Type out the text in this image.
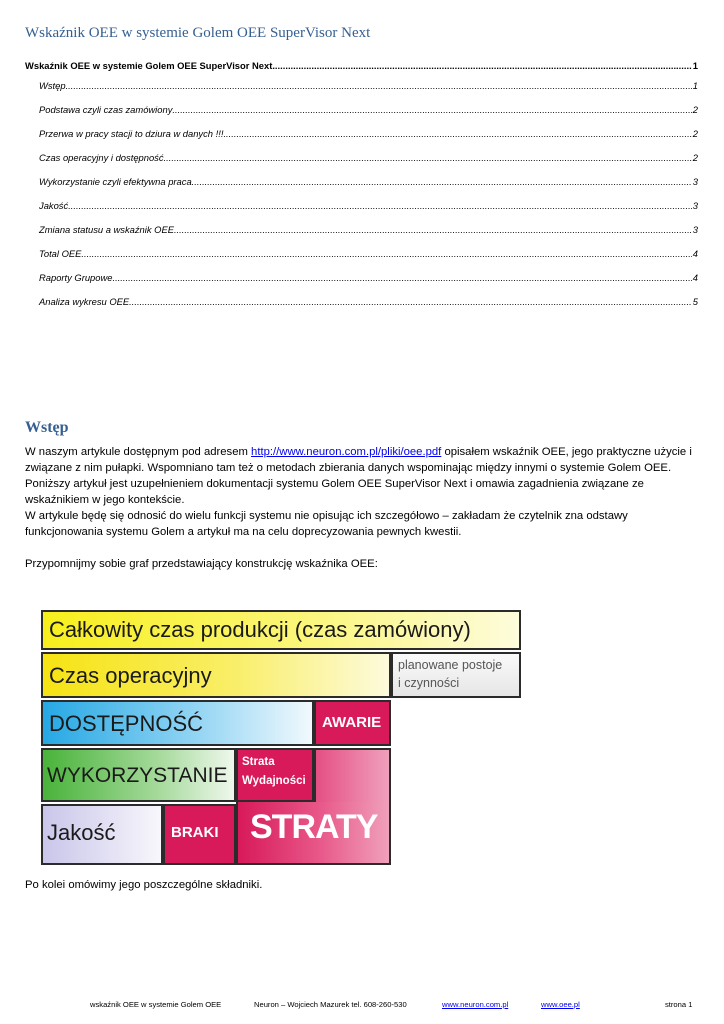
Wskaźnik OEE w systemie Golem OEE SuperVisor Next
Wskaźnik OEE w systemie Golem OEE SuperVisor Next .....	1
Wstęp .....	1
Podstawa czyli czas zamówiony .....	2
Przerwa w pracy stacji to dziura w danych !!! .....	2
Czas operacyjny i dostępność .....	2
Wykorzystanie czyli efektywna praca .....	3
Jakość .....	3
Zmiana statusu a wskaźnik OEE .....	3
Total OEE .....	4
Raporty Grupowe .....	4
Analiza wykresu OEE .....	5
Wstęp

W naszym artykule dostępnym pod adresem http://www.neuron.com.pl/pliki/oee.pdf opisałem wskaźnik OEE, jego praktyczne użycie i związane z nim pułapki. Wspomniano tam też o metodach zbierania danych wspominając między innymi o systemie Golem OEE.

Poniższy artykuł jest uzupełnieniem dokumentacji systemu Golem OEE SuperVisor Next i omawia zagadnienia związane ze wskaźnikiem w jego kontekście.

W artykule będę się odnosić do wielu funkcji systemu nie opisując ich szczegółowo – zakładam że czytelnik zna odstawy funkcjonowania systemu Golem a artykuł ma na celu doprecyzowania pewnych kwestii.

Przypomnijmy sobie graf przedstawiający konstrukcję wskaźnika OEE:

Całkowity czas produkcji (czas zamówiony)
Czas operacyjny	planowane postoje
i czynności
DOSTĘPNOŚĆ	AWARIE
WYKORZYSTANIE
Strata
Wydajności
Jakość	BRAKI STRATY
Po kolei omówimy jego poszczególne składniki.
wskaźnik OEE w systemie Golem OEE	Neuron – Wojciech Mazurek tel. 608-260-530	www.neuron.com.pl	www.oee.pl	strona 1
